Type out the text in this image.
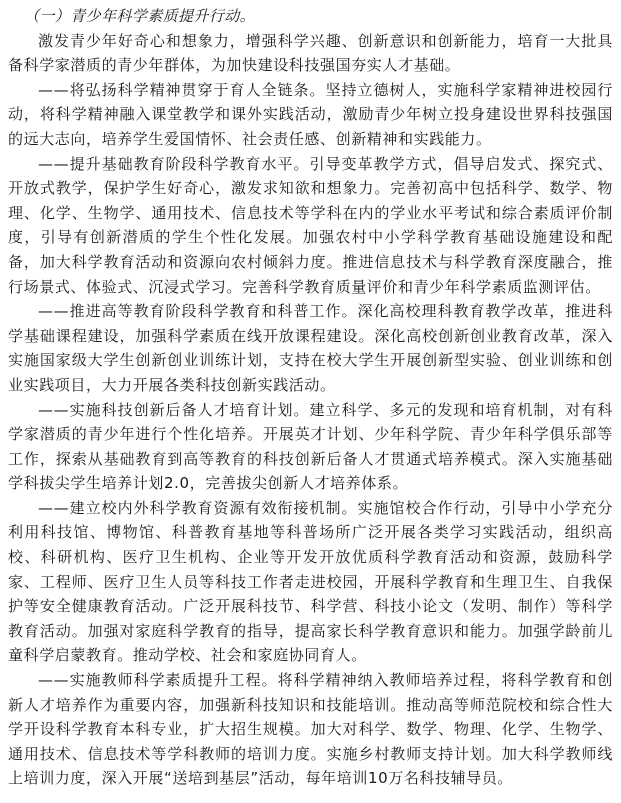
（一）青少年科学素质提升行动。

激发青少年好奇心和想象力，增强科学兴趣、创新意识和创新能力，培育一大批具备科学家潜质的青少年群体，为加快建设科技强国夯实人才基础。

——将弘扬科学精神贯穿于育人全链条。坚持立德树人，实施科学家精神进校园行动，将科学精神融入课堂教学和课外实践活动，激励青少年树立投身建设世界科技强国的远大志向，培养学生爱国情怀、社会责任感、创新精神和实践能力。

——提升基础教育阶段科学教育水平。引导变革教学方式，倡导启发式、探究式、开放式教学，保护学生好奇心，激发求知欲和想象力。完善初高中包括科学、数学、物理、化学、生物学、通用技术、信息技术等学科在内的学业水平考试和综合素质评价制度，引导有创新潜质的学生个性化发展。加强农村中小学科学教育基础设施建设和配备，加大科学教育活动和资源向农村倾斜力度。推进信息技术与科学教育深度融合，推行场景式、体验式、沉浸式学习。完善科学教育质量评价和青少年科学素质监测评估。

——推进高等教育阶段科学教育和科普工作。深化高校理科教育教学改革，推进科学基础课程建设，加强科学素质在线开放课程建设。深化高校创新创业教育改革，深入实施国家级大学生创新创业训练计划，支持在校大学生开展创新型实验、创业训练和创业实践项目，大力开展各类科技创新实践活动。

——实施科技创新后备人才培育计划。建立科学、多元的发现和培育机制，对有科学家潜质的青少年进行个性化培养。开展英才计划、少年科学院、青少年科学俱乐部等工作，探索从基础教育到高等教育的科技创新后备人才贯通式培养模式。深入实施基础学科拔尖学生培养计划2.0，完善拔尖创新人才培养体系。

——建立校内外科学教育资源有效衔接机制。实施馆校合作行动，引导中小学充分利用科技馆、博物馆、科普教育基地等科普场所广泛开展各类学习实践活动，组织高校、科研机构、医疗卫生机构、企业等开发开放优质科学教育活动和资源，鼓励科学家、工程师、医疗卫生人员等科技工作者走进校园，开展科学教育和生理卫生、自我保护等安全健康教育活动。广泛开展科技节、科学营、科技小论文（发明、制作）等科学教育活动。加强对家庭科学教育的指导，提高家长科学教育意识和能力。加强学龄前儿童科学启蒙教育。推动学校、社会和家庭协同育人。

——实施教师科学素质提升工程。将科学精神纳入教师培养过程，将科学教育和创新人才培养作为重要内容，加强新科技知识和技能培训。推动高等师范院校和综合性大学开设科学教育本科专业，扩大招生规模。加大对科学、数学、物理、化学、生物学、通用技术、信息技术等学科教师的培训力度。实施乡村教师支持计划。加大科学教师线上培训力度，深入开展“送培到基层”活动，每年培训10万名科技辅导员。
